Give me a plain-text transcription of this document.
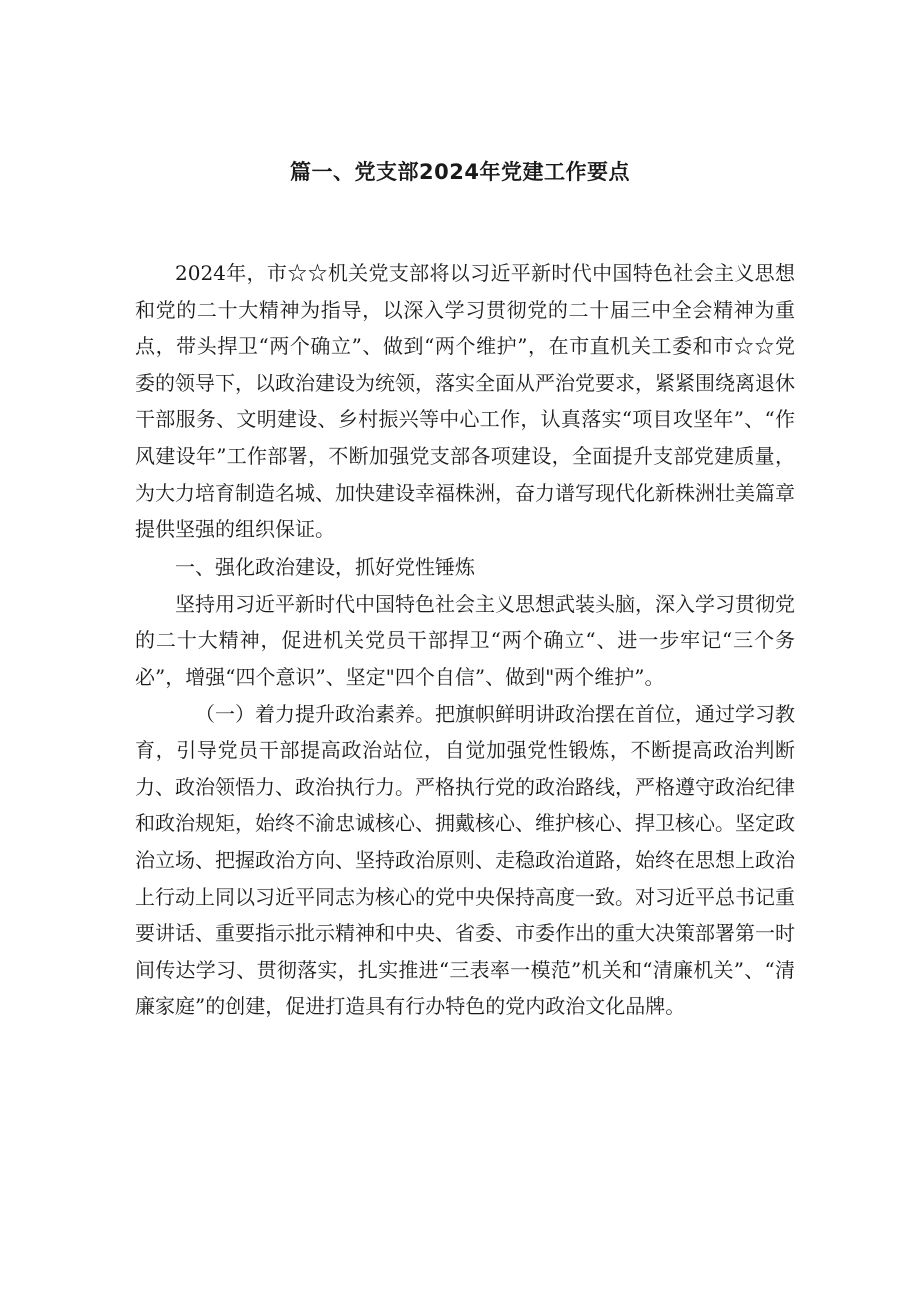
篇一、党支部2024年党建工作要点

2024年，市☆☆机关党支部将以习近平新时代中国特色社会主义思想和党的二十大精神为指导，以深入学习贯彻党的二十届三中全会精神为重点，带头捍卫“两个确立”、做到“两个维护”，在市直机关工委和市☆☆党委的领导下，以政治建设为统领，落实全面从严治党要求，紧紧围绕离退休干部服务、文明建设、乡村振兴等中心工作，认真落实“项目攻坚年”、“作风建设年”工作部署，不断加强党支部各项建设，全面提升支部党建质量，为大力培育制造名城、加快建设幸福株洲，奋力谱写现代化新株洲壮美篇章提供坚强的组织保证。

一、强化政治建设，抓好党性锤炼

坚持用习近平新时代中国特色社会主义思想武装头脑，深入学习贯彻党的二十大精神，促进机关党员干部捍卫“两个确立“、进一步牢记“三个务必”，增强“四个意识”、坚定"四个自信”、做到"两个维护”。

（一）着力提升政治素养。把旗帜鲜明讲政治摆在首位，通过学习教育，引导党员干部提高政治站位，自觉加强党性锻炼，不断提高政治判断力、政治领悟力、政治执行力。严格执行党的政治路线，严格遵守政治纪律和政治规矩，始终不渝忠诚核心、拥戴核心、维护核心、捍卫核心。坚定政治立场、把握政治方向、坚持政治原则、走稳政治道路，始终在思想上政治上行动上同以习近平同志为核心的党中央保持高度一致。对习近平总书记重要讲话、重要指示批示精神和中央、省委、市委作出的重大决策部署第一时间传达学习、贯彻落实，扎实推进“三表率一模范”机关和“清廉机关”、“清廉家庭”的创建，促进打造具有行办特色的党内政治文化品牌。
